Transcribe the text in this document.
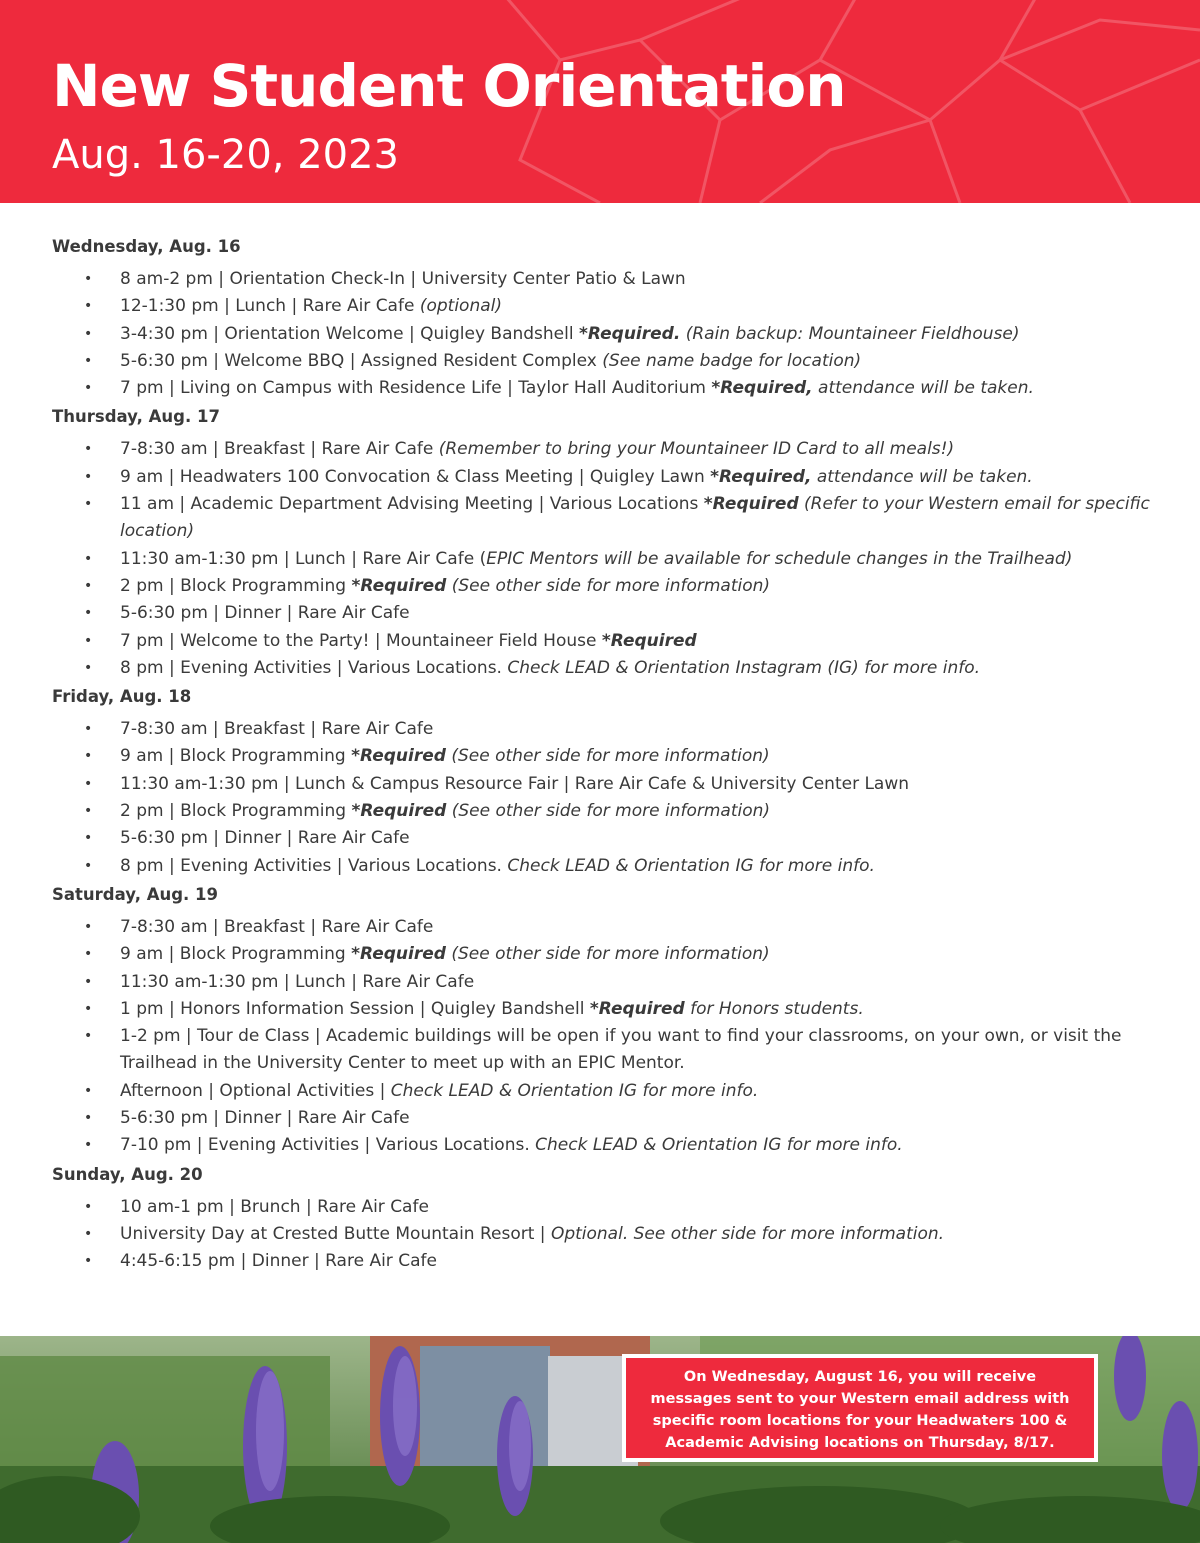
New Student Orientation
Aug. 16-20, 2023
Wednesday, Aug. 16
• 8 am-2 pm | Orientation Check-In | University Center Patio & Lawn
• 12-1:30 pm | Lunch | Rare Air Cafe (optional)
• 3-4:30 pm | Orientation Welcome | Quigley Bandshell *Required. (Rain backup: Mountaineer Fieldhouse)
• 5-6:30 pm | Welcome BBQ | Assigned Resident Complex (See name badge for location)
• 7 pm | Living on Campus with Residence Life | Taylor Hall Auditorium *Required, attendance will be taken.
Thursday, Aug. 17
• 7-8:30 am | Breakfast | Rare Air Cafe (Remember to bring your Mountaineer ID Card to all meals!)
• 9 am | Headwaters 100 Convocation & Class Meeting | Quigley Lawn *Required, attendance will be taken.
• 11 am | Academic Department Advising Meeting | Various Locations *Required (Refer to your Western email for specific location)
• 11:30 am-1:30 pm | Lunch | Rare Air Cafe (EPIC Mentors will be available for schedule changes in the Trailhead)
• 2 pm | Block Programming *Required (See other side for more information)
• 5-6:30 pm | Dinner | Rare Air Cafe
• 7 pm | Welcome to the Party! | Mountaineer Field House *Required
• 8 pm | Evening Activities | Various Locations. Check LEAD & Orientation Instagram (IG) for more info.
Friday, Aug. 18
• 7-8:30 am | Breakfast | Rare Air Cafe
• 9 am | Block Programming *Required (See other side for more information)
• 11:30 am-1:30 pm | Lunch & Campus Resource Fair | Rare Air Cafe & University Center Lawn
• 2 pm | Block Programming *Required (See other side for more information)
• 5-6:30 pm | Dinner | Rare Air Cafe
• 8 pm | Evening Activities | Various Locations. Check LEAD & Orientation IG for more info.
Saturday, Aug. 19
• 7-8:30 am | Breakfast | Rare Air Cafe
• 9 am | Block Programming *Required (See other side for more information)
• 11:30 am-1:30 pm | Lunch | Rare Air Cafe
• 1 pm | Honors Information Session | Quigley Bandshell *Required for Honors students.
• 1-2 pm | Tour de Class | Academic buildings will be open if you want to find your classrooms, on your own, or visit the Trailhead in the University Center to meet up with an EPIC Mentor.
• Afternoon | Optional Activities | Check LEAD & Orientation IG for more info.
• 5-6:30 pm | Dinner | Rare Air Cafe
• 7-10 pm | Evening Activities | Various Locations. Check LEAD & Orientation IG for more info.
Sunday, Aug. 20
• 10 am-1 pm | Brunch | Rare Air Cafe
• University Day at Crested Butte Mountain Resort | Optional. See other side for more information.
• 4:45-6:15 pm | Dinner | Rare Air Cafe
On Wednesday, August 16, you will receive messages sent to your Western email address with specific room locations for your Headwaters 100 & Academic Advising locations on Thursday, 8/17.
